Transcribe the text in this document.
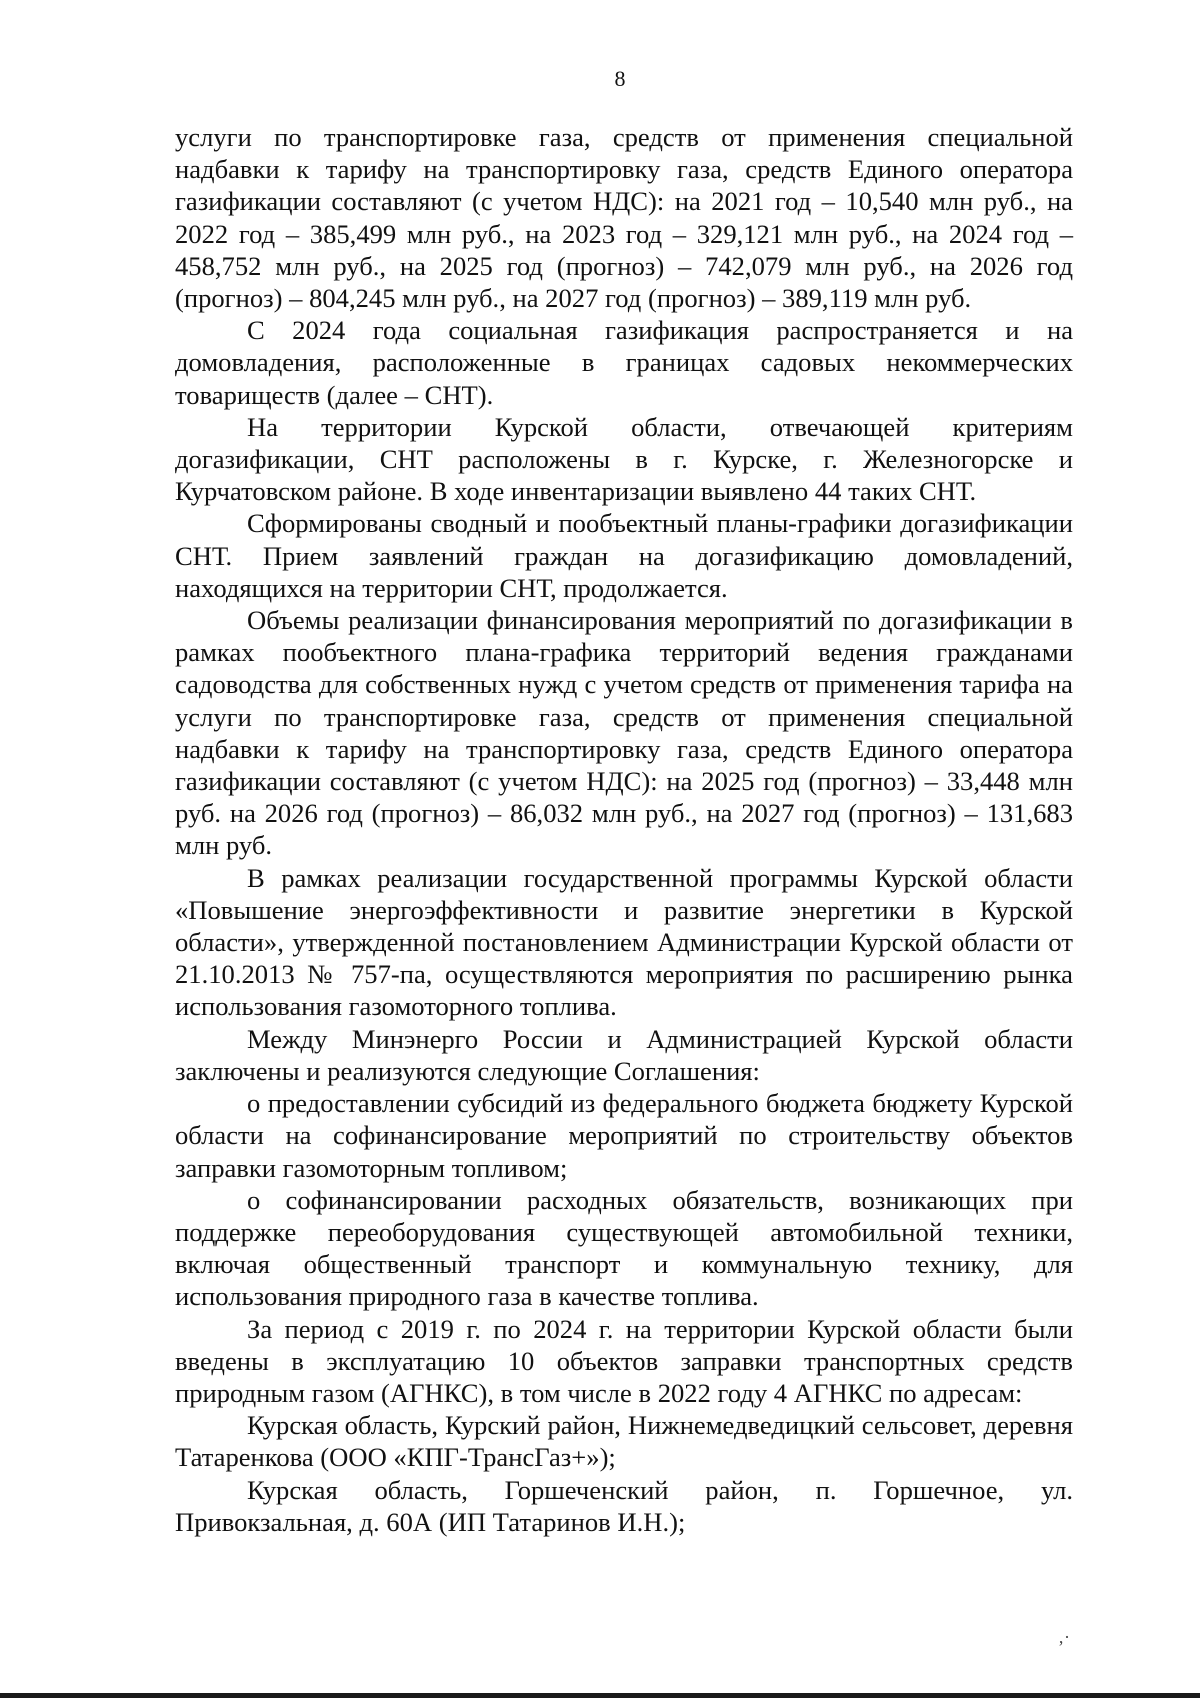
8

услуги по транспортировке газа, средств от применения специальной надбавки к тарифу на транспортировку газа, средств Единого оператора газификации составляют (с учетом НДС): на 2021 год – 10,540 млн руб., на 2022 год – 385,499 млн руб., на 2023 год – 329,121 млн руб., на 2024 год – 458,752 млн руб., на 2025 год (прогноз) – 742,079 млн руб., на 2026 год (прогноз) – 804,245 млн руб., на 2027 год (прогноз) – 389,119 млн руб.

С 2024 года социальная газификация распространяется и на домовладения, расположенные в границах садовых некоммерческих товариществ (далее – СНТ).

На территории Курской области, отвечающей критериям догазификации, СНТ расположены в г. Курске, г. Железногорске и Курчатовском районе. В ходе инвентаризации выявлено 44 таких СНТ.

Сформированы сводный и пообъектный планы-графики догазификации СНТ. Прием заявлений граждан на догазификацию домовладений, находящихся на территории СНТ, продолжается.

Объемы реализации финансирования мероприятий по догазификации в рамках пообъектного плана-графика территорий ведения гражданами садоводства для собственных нужд с учетом средств от применения тарифа на услуги по транспортировке газа, средств от применения специальной надбавки к тарифу на транспортировку газа, средств Единого оператора газификации составляют (с учетом НДС): на 2025 год (прогноз) – 33,448 млн руб. на 2026 год (прогноз) – 86,032 млн руб., на 2027 год (прогноз) – 131,683 млн руб.

В рамках реализации государственной программы Курской области «Повышение энергоэффективности и развитие энергетики в Курской области», утвержденной постановлением Администрации Курской области от 21.10.2013 № 757-па, осуществляются мероприятия по расширению рынка использования газомоторного топлива.

Между Минэнерго России и Администрацией Курской области заключены и реализуются следующие Соглашения:

о предоставлении субсидий из федерального бюджета бюджету Курской области на софинансирование мероприятий по строительству объектов заправки газомоторным топливом;

о софинансировании расходных обязательств, возникающих при поддержке переоборудования существующей автомобильной техники, включая общественный транспорт и коммунальную технику, для использования природного газа в качестве топлива.

За период с 2019 г. по 2024 г. на территории Курской области были введены в эксплуатацию 10 объектов заправки транспортных средств природным газом (АГНКС), в том числе в 2022 году 4 АГНКС по адресам:

Курская область, Курский район, Нижнемедведицкий сельсовет, деревня Татаренкова (ООО «КПГ-ТрансГаз+»);

Курская область, Горшеченский район, п. Горшечное, ул. Привокзальная, д. 60А (ИП Татаринов И.Н.);

‚·
